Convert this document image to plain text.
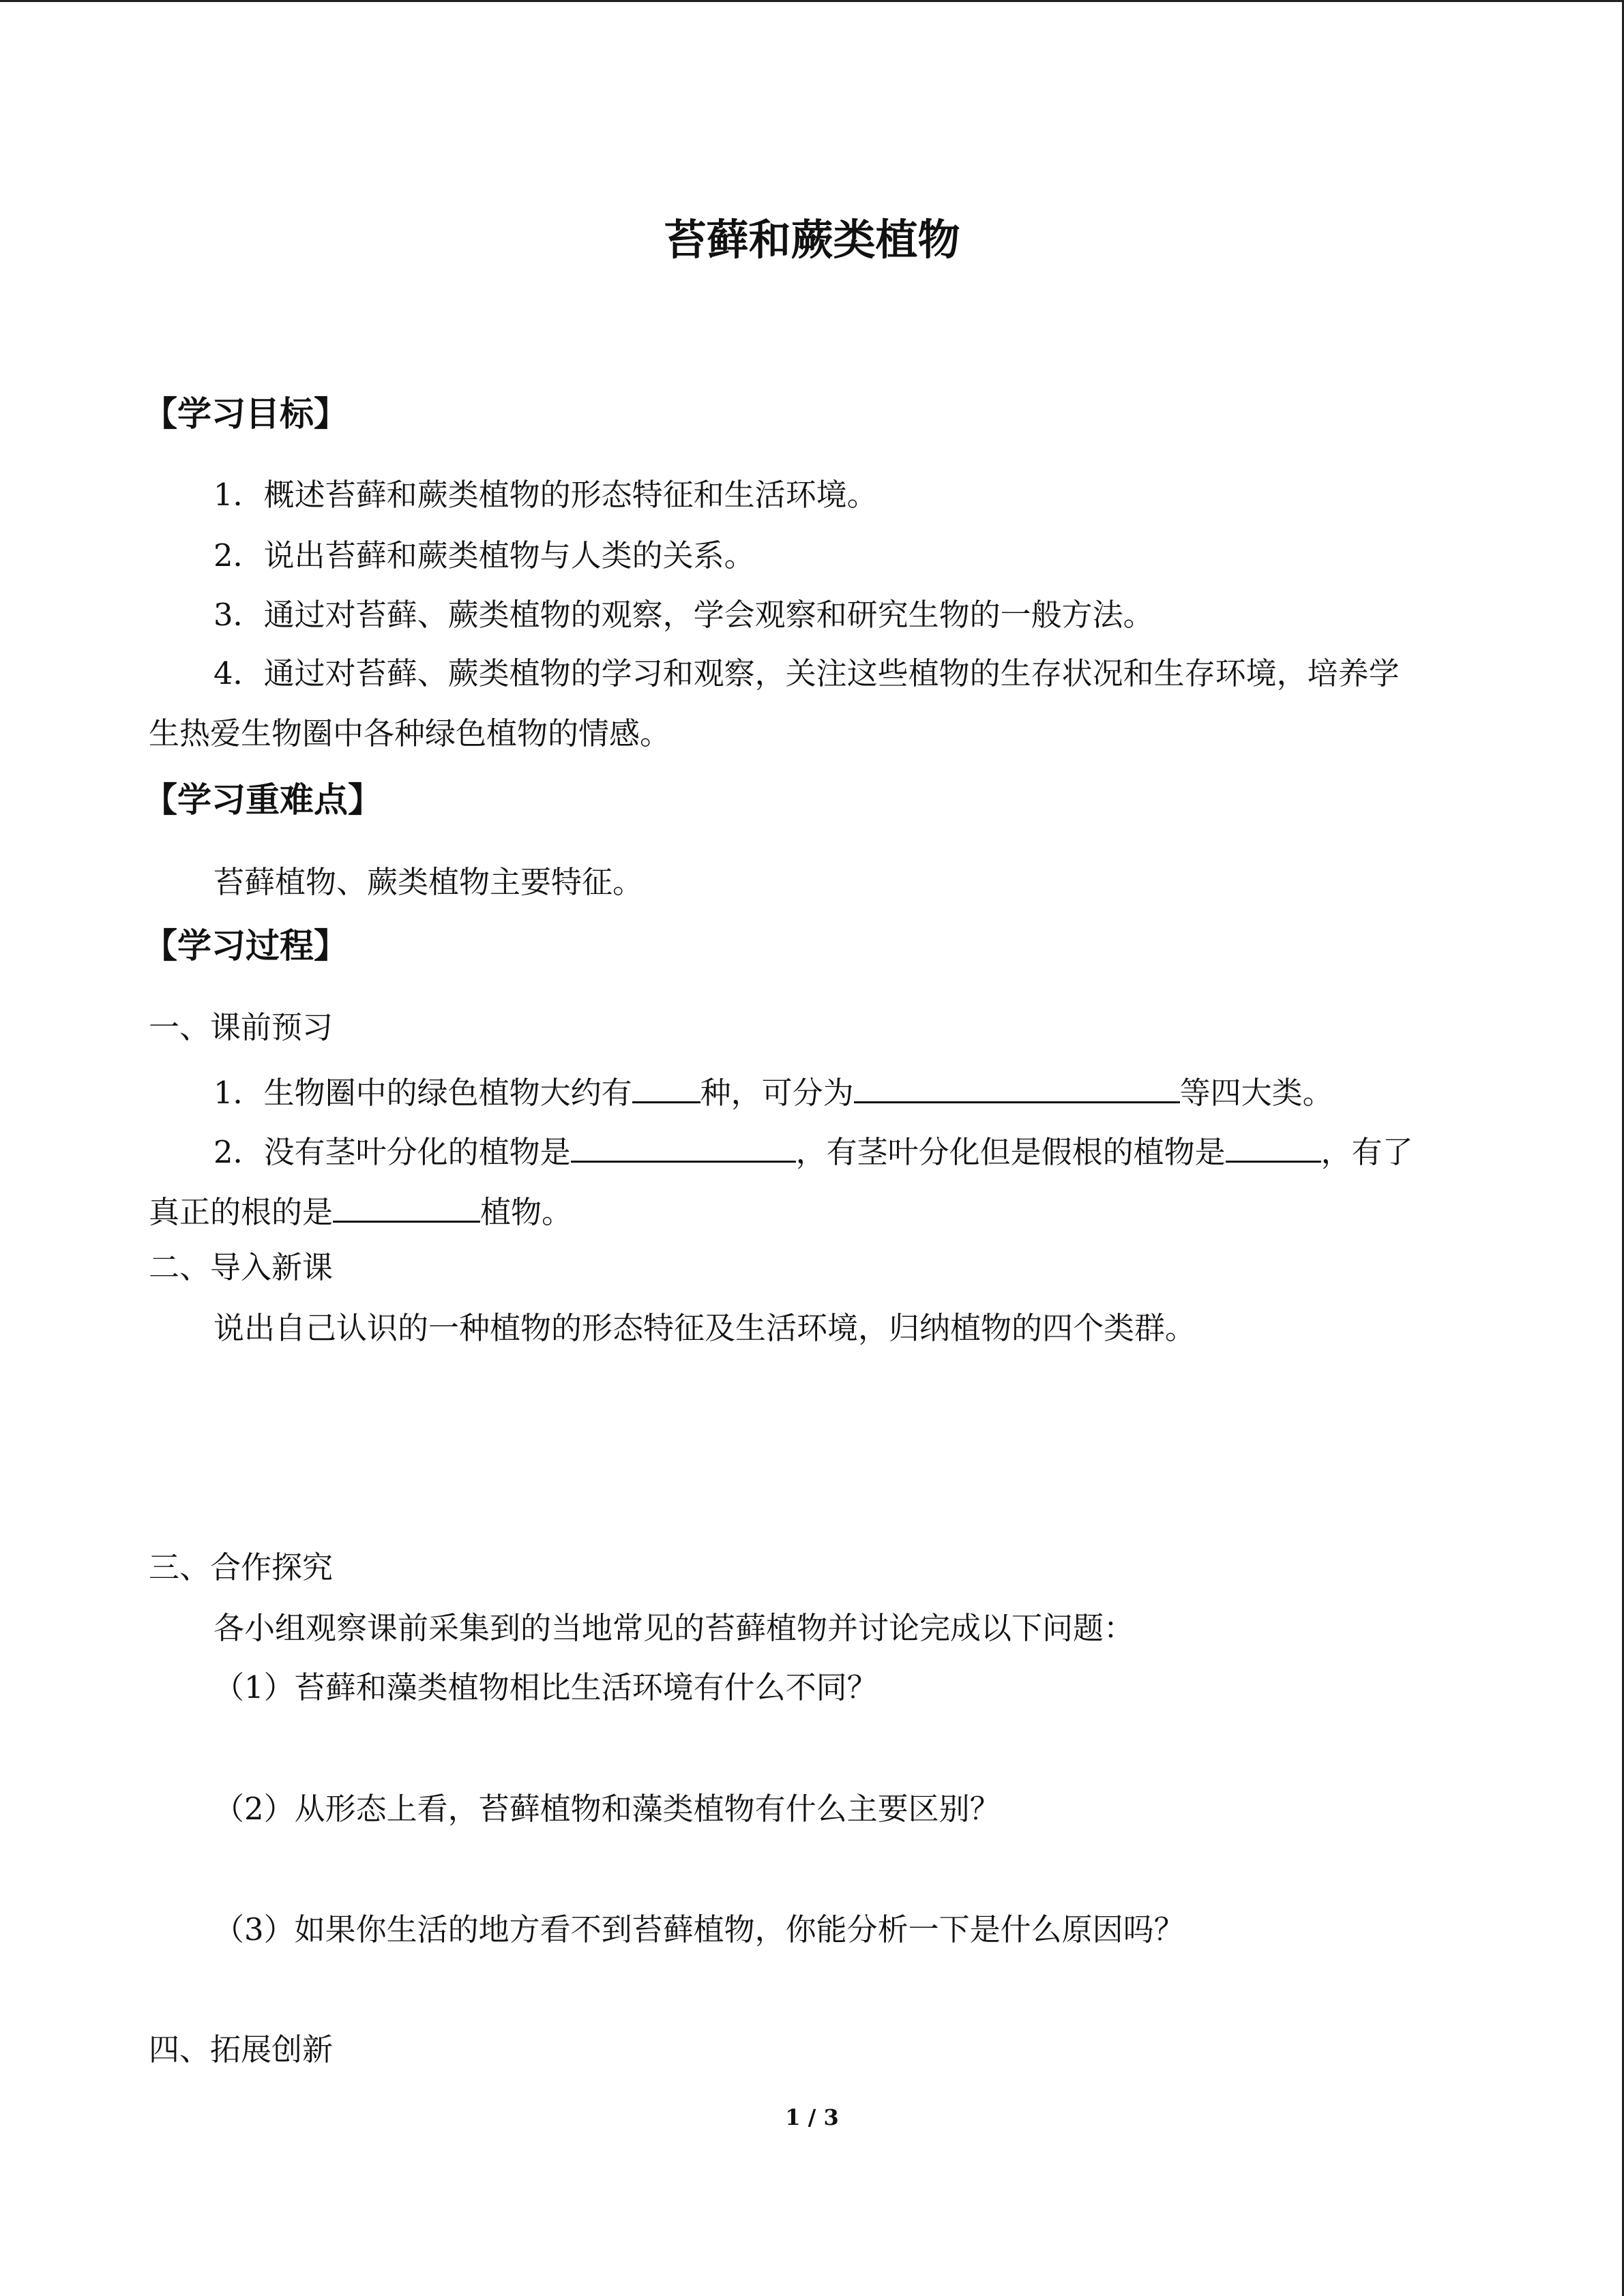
苔藓和蕨类植物
【学习目标】
1．概述苔藓和蕨类植物的形态特征和生活环境。
2．说出苔藓和蕨类植物与人类的关系。
3．通过对苔藓、蕨类植物的观察，学会观察和研究生物的一般方法。
4．通过对苔藓、蕨类植物的学习和观察，关注这些植物的生存状况和生存环境，培养学
生热爱生物圈中各种绿色植物的情感。
【学习重难点】
苔藓植物、蕨类植物主要特征。
【学习过程】
一、课前预习
1．生物圈中的绿色植物大约有 种，可分为	等四大类。
2．没有茎叶分化的植物是	，有茎叶分化但是假根的植物是	，有了
真正的根的是	植物。
二、导入新课
说出自己认识的一种植物的形态特征及生活环境，归纳植物的四个类群。
三、合作探究
各小组观察课前采集到的当地常见的苔藓植物并讨论完成以下问题：
（1）苔藓和藻类植物相比生活环境有什么不同？
（2）从形态上看，苔藓植物和藻类植物有什么主要区别？
（3）如果你生活的地方看不到苔藓植物，你能分析一下是什么原因吗？
四、拓展创新
1 / 3
